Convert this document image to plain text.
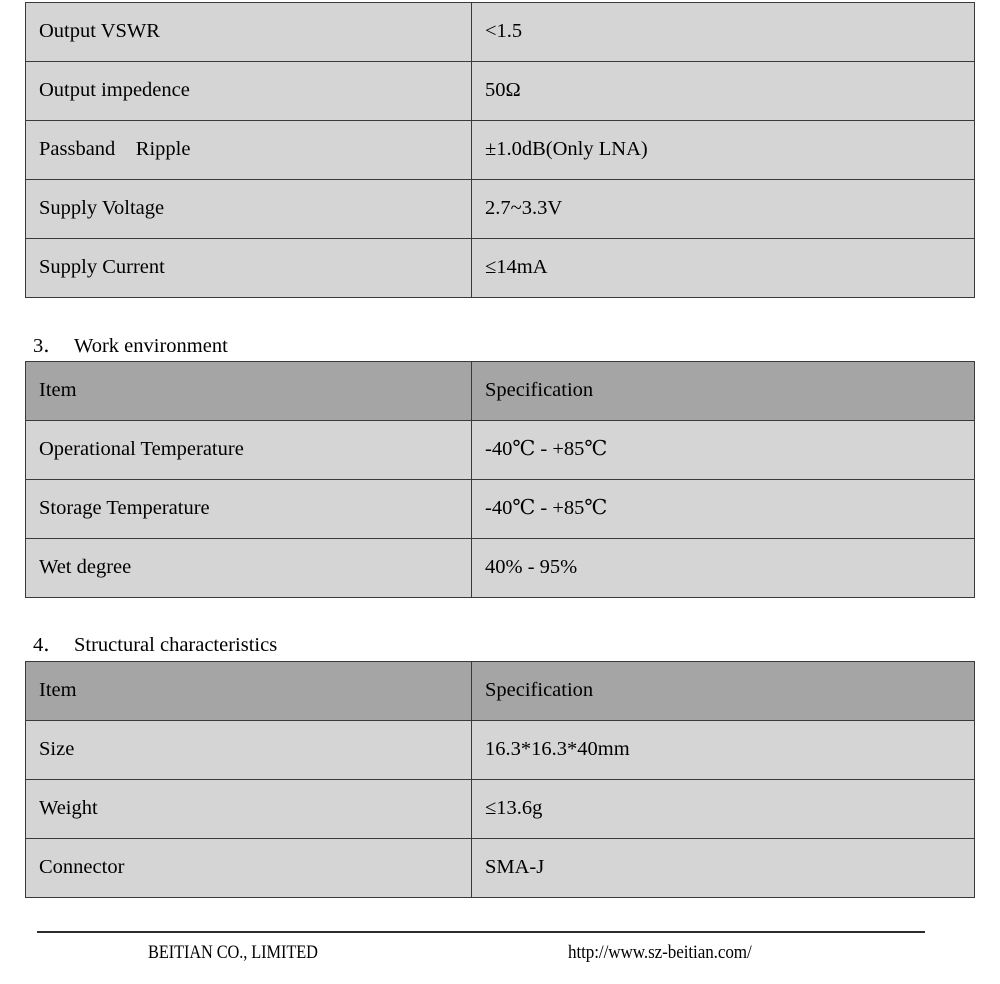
Output VSWR	<1.5
Output impedence	50Ω
Passband　Ripple	±1.0dB(Only LNA)
Supply Voltage	2.7~3.3V
Supply Current	≤14mA
3．　Work environment
Item	Specification
Operational Temperature	-40℃ - +85℃
Storage Temperature	-40℃ - +85℃
Wet degree	40% - 95%
4．　Structural characteristics
Item	Specification
Size	16.3*16.3*40mm
Weight	≤13.6g
Connector	SMA-J
BEITIAN CO., LIMITED	http://www.sz-beitian.com/
